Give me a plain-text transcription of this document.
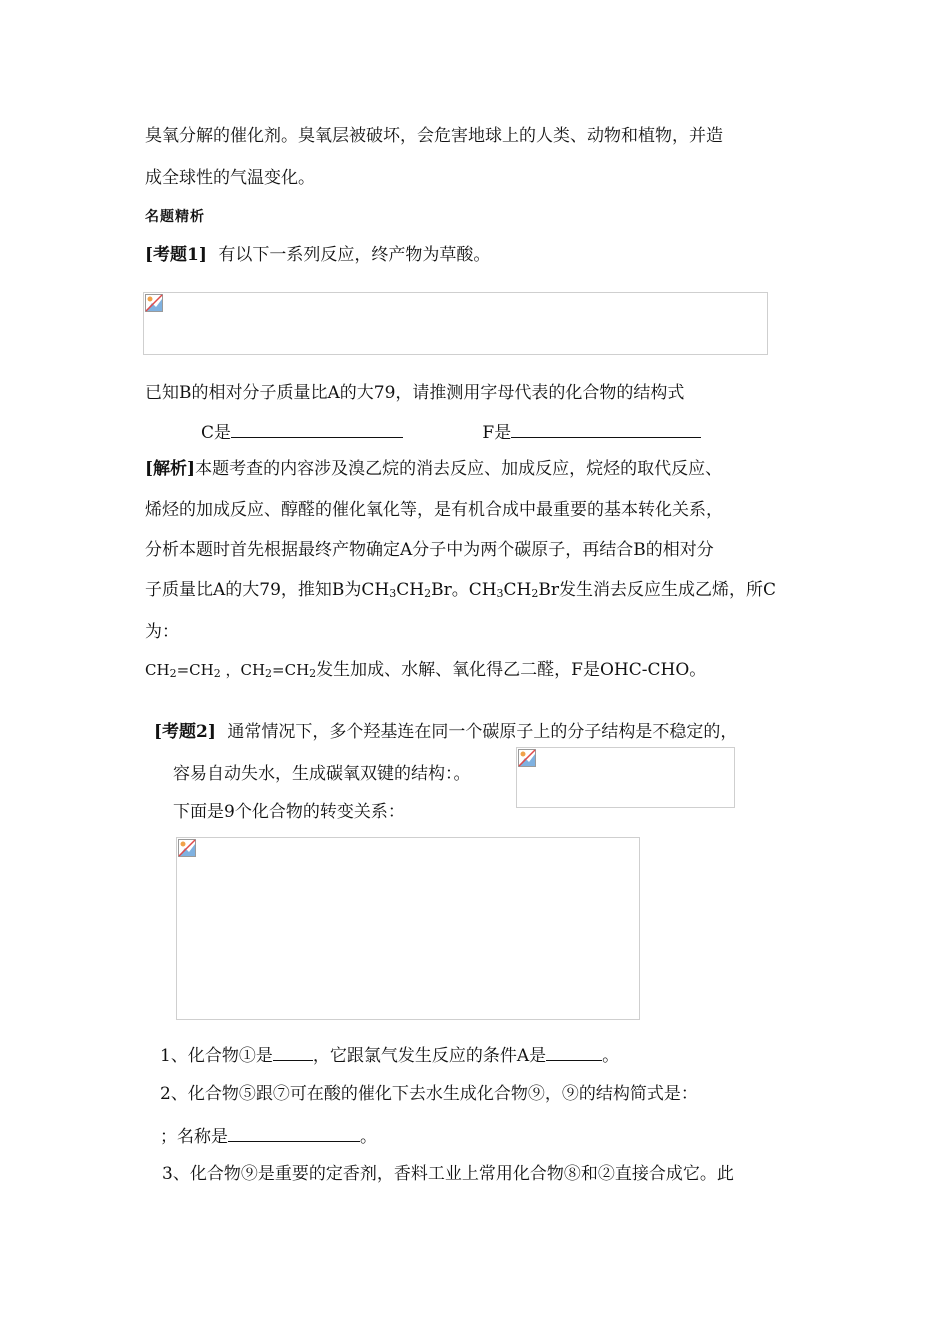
臭氧分解的催化剂。臭氧层被破坏，会危害地球上的人类、动物和植物，并造
成全球性的气温变化。
名题精析
[考题1] 有以下一系列反应，终产物为草酸。
已知B的相对分子质量比A的大79，请推测用字母代表的化合物的结构式
C是	F是
[解析]本题考查的内容涉及溴乙烷的消去反应、加成反应，烷烃的取代反应、
烯烃的加成反应、醇醛的催化氧化等，是有机合成中最重要的基本转化关系，
分析本题时首先根据最终产物确定A分子中为两个碳原子，再结合B的相对分
子质量比A的大79，推知B为$CH_3CH_2Br$。$CH_3CH_2Br$发生消去反应生成乙烯，所C
为：
$CH_2=CH_2$ ，$CH_2=CH_2$发生加成、水解、氧化得乙二醛，F是OHC-CHO。
[考题2] 通常情况下，多个羟基连在同一个碳原子上的分子结构是不稳定的，
容易自动失水，生成碳氧双键的结构：。
下面是9个化合物的转变关系：
1、化合物①是 ，它跟氯气发生反应的条件A是	。
2、化合物⑤跟⑦可在酸的催化下去水生成化合物⑨，⑨的结构简式是：
；名称是	。
3、化合物⑨是重要的定香剂，香料工业上常用化合物⑧和②直接合成它。此
